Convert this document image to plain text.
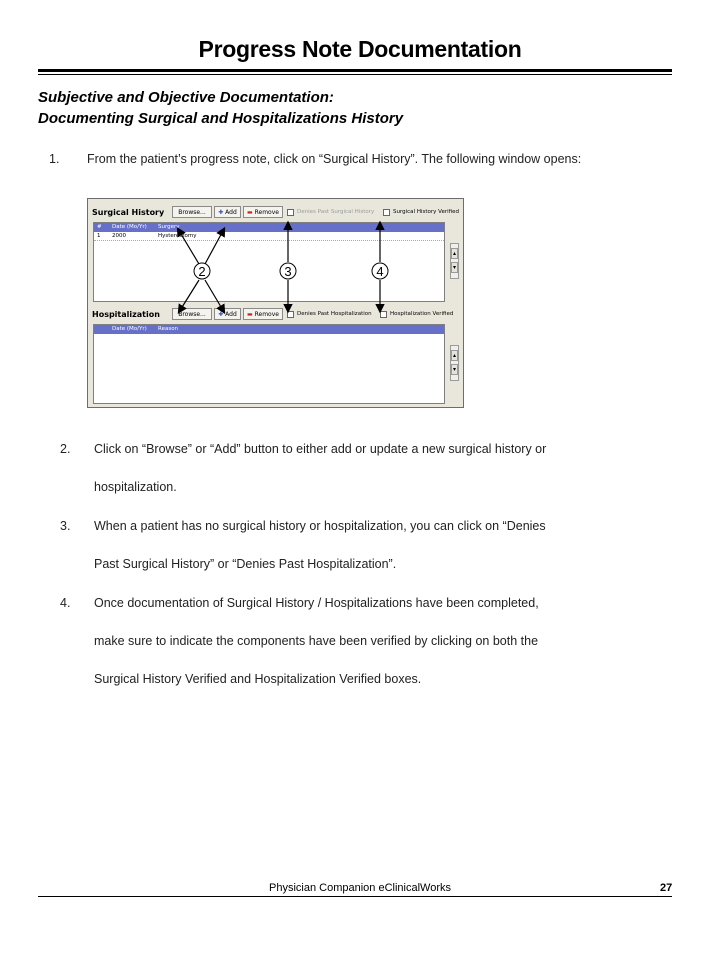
Progress Note Documentation
Subjective and Objective Documentation:
Documenting Surgical and Hospitalizations History
1. From the patient’s progress note, click on “Surgical History”. The following window opens:
Surgical History	Browse...	✚ Add	▬ Remove	Denies Past Surgical History	Surgical History Verified
# Date (Mo/Yr) Surgery
1 2000	Hysterectomy
▴
▾
Hospitalization	Browse...	✚ Add	▬ Remove	Denies Past Hospitalization	Hospitalization Verified
Date (Mo/Yr) Reason
▴
▾
2	3	4
2. Click on “Browse” or “Add” button to either add or update a new surgical history or
hospitalization.
3. When a patient has no surgical history or hospitalization, you can click on “Denies
Past Surgical History” or “Denies Past Hospitalization”.
4. Once documentation of Surgical History / Hospitalizations have been completed,
make sure to indicate the components have been verified by clicking on both the
Surgical History Verified and Hospitalization Verified boxes.
Physician Companion eClinicalWorks	27
